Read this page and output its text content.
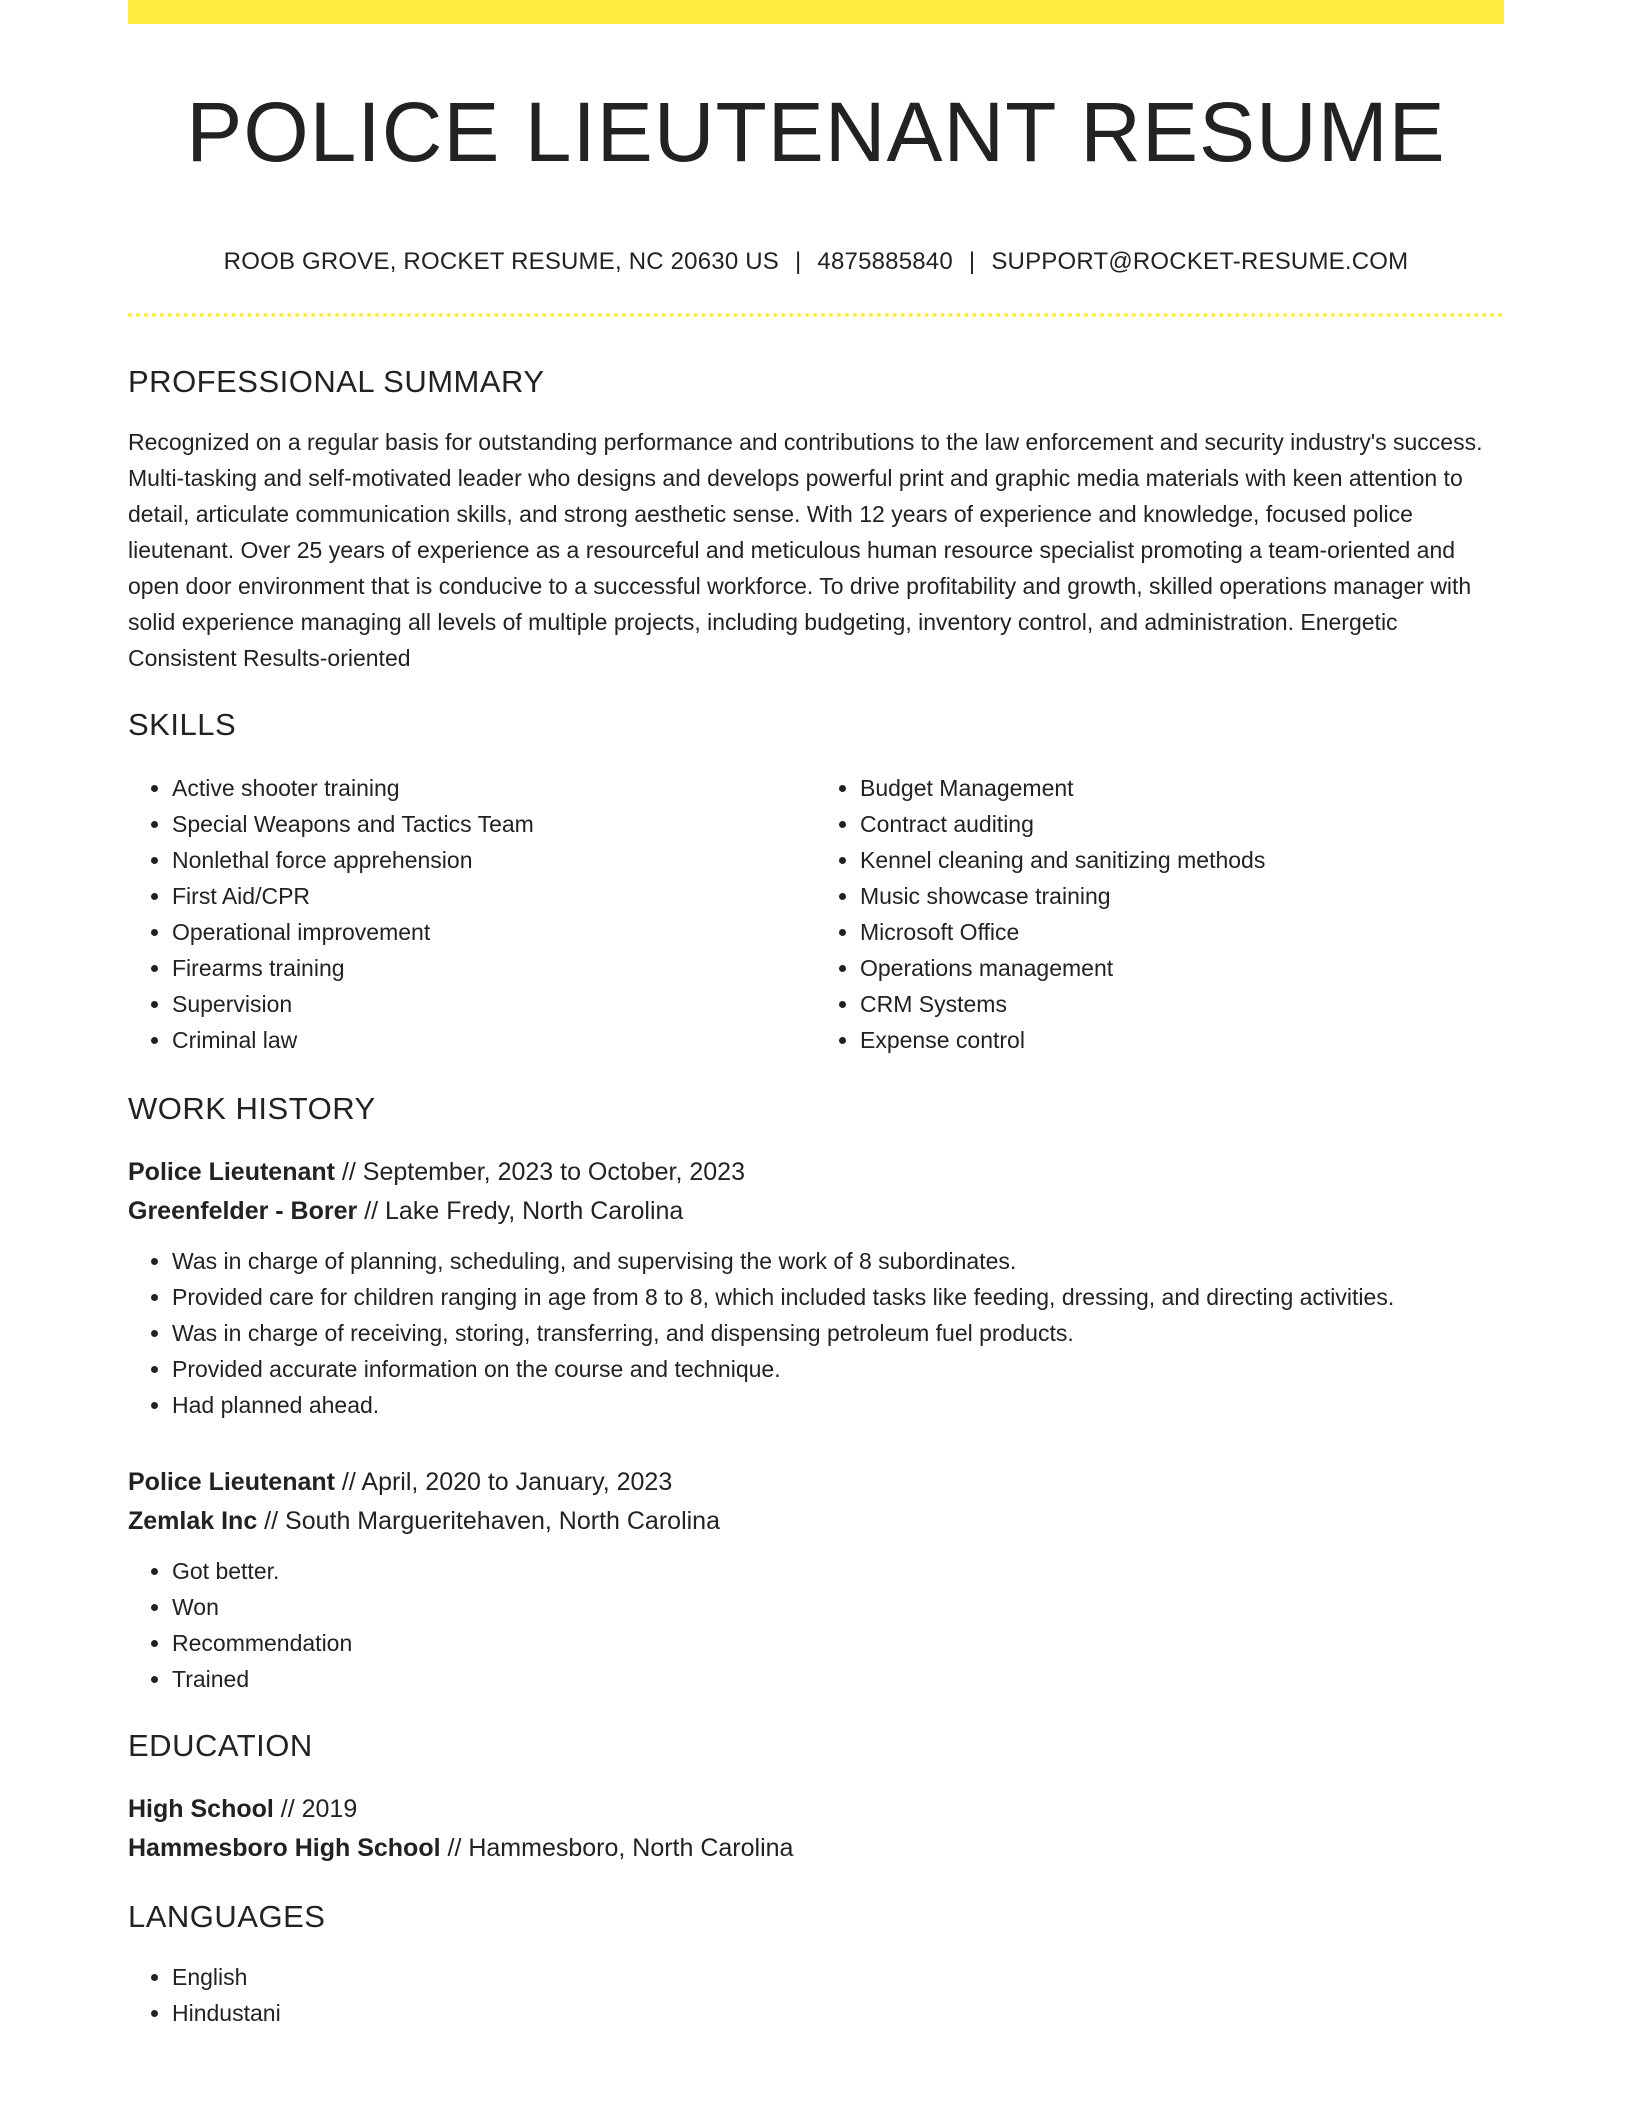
POLICE LIEUTENANT RESUME
ROOB GROVE, ROCKET RESUME, NC 20630 US | 4875885840 | SUPPORT@ROCKET-RESUME.COM
PROFESSIONAL SUMMARY

Recognized on a regular basis for outstanding performance and contributions to the law enforcement and security industry's success. Multi-tasking and self-motivated leader who designs and develops powerful print and graphic media materials with keen attention to detail, articulate communication skills, and strong aesthetic sense. With 12 years of experience and knowledge, focused police lieutenant. Over 25 years of experience as a resourceful and meticulous human resource specialist promoting a team-oriented and open door environment that is conducive to a successful workforce. To drive profitability and growth, skilled operations manager with solid experience managing all levels of multiple projects, including budgeting, inventory control, and administration. Energetic Consistent Results-oriented

SKILLS
• Active shooter training
• Special Weapons and Tactics Team
• Nonlethal force apprehension
• First Aid/CPR
• Operational improvement
• Firearms training
• Supervision
• Criminal law
• Budget Management
• Contract auditing
• Kennel cleaning and sanitizing methods
• Music showcase training
• Microsoft Office
• Operations management
• CRM Systems
• Expense control
WORK HISTORY
Police Lieutenant // September, 2023 to October, 2023
Greenfelder - Borer // Lake Fredy, North Carolina
• Was in charge of planning, scheduling, and supervising the work of 8 subordinates.
• Provided care for children ranging in age from 8 to 8, which included tasks like feeding, dressing, and directing activities.
• Was in charge of receiving, storing, transferring, and dispensing petroleum fuel products.
• Provided accurate information on the course and technique.
• Had planned ahead.
Police Lieutenant // April, 2020 to January, 2023
Zemlak Inc // South Margueritehaven, North Carolina
• Got better.
• Won
• Recommendation
• Trained
EDUCATION
High School // 2019
Hammesboro High School // Hammesboro, North Carolina
LANGUAGES
• English
• Hindustani
